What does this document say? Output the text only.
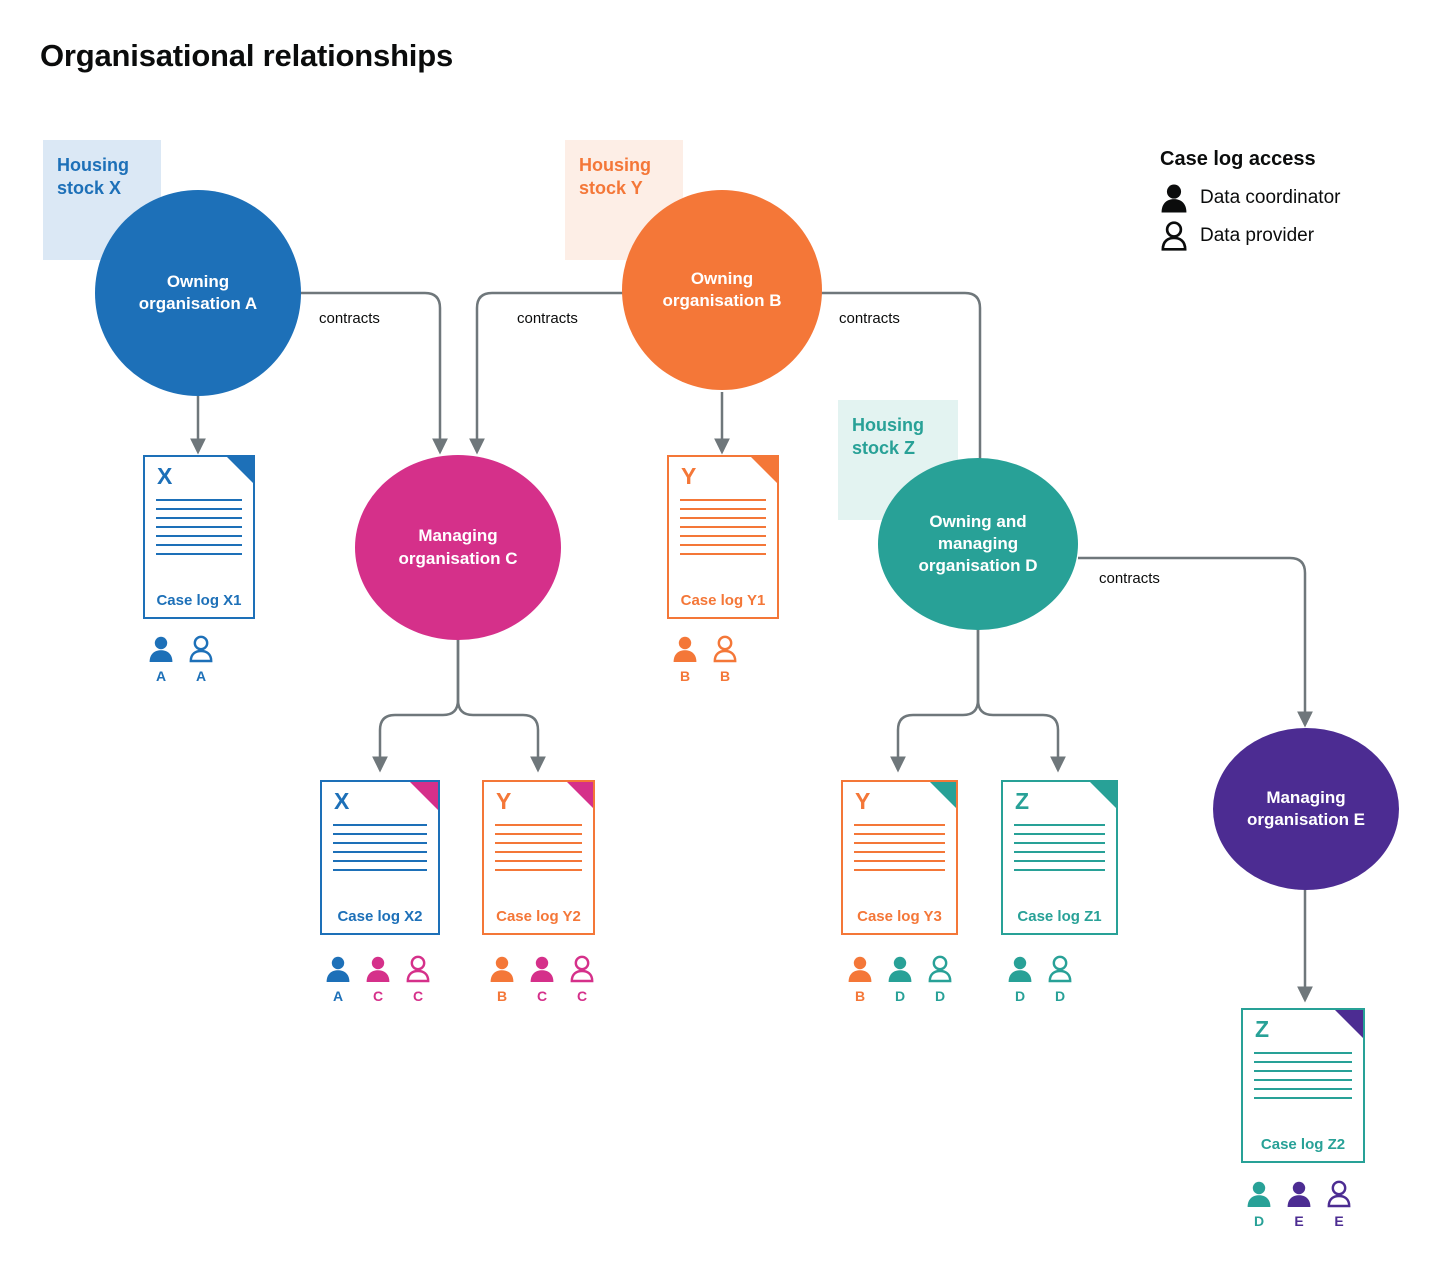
Organisational relationships
Housing
stock X
Housing
stock Y
Housing
stock Z
Owning
organisation A
Owning
organisation B
Managing
organisation C
Owning and
managing
organisation D
Managing
organisation E
contracts	contracts	contracts
contracts
X
Case log X1
A A
Y
Case log Y1
B B
X
Case log X2
A C C
Y
Case log Y2
B C C
Y
Case log Y3
B D D
Z
Case log Z1
D D
Z
Case log Z2
D E E
Case log access
Data coordinator
Data provider
